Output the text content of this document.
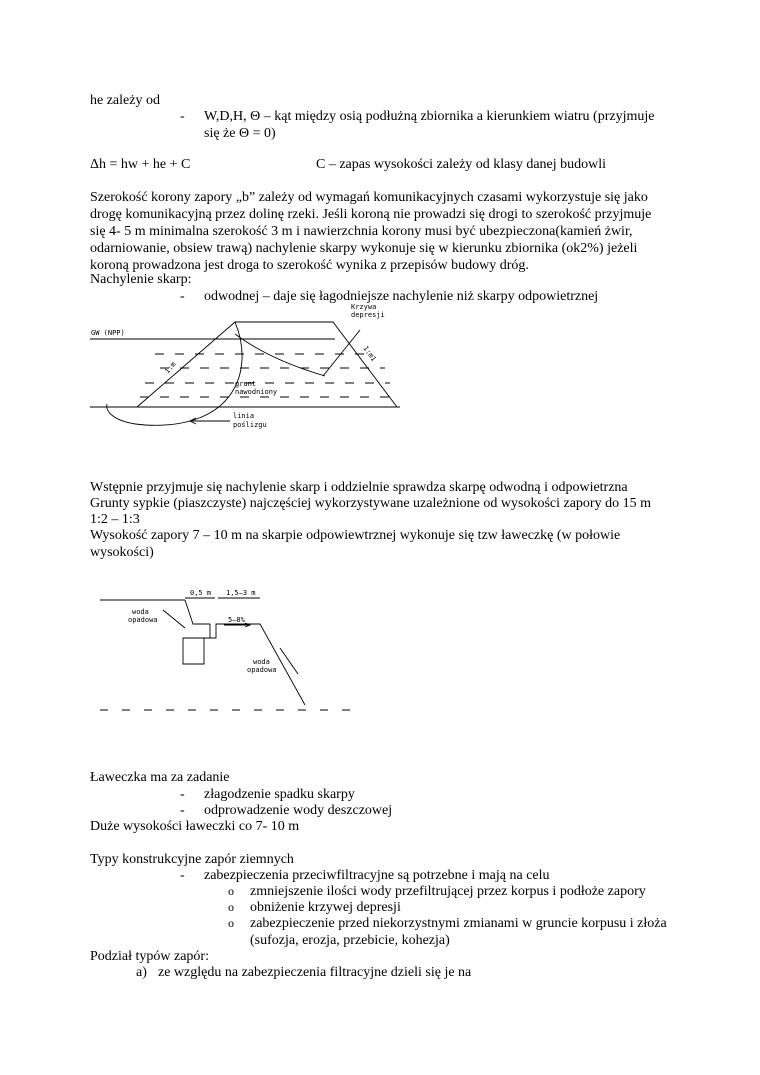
he zależy od
- W,D,H, Θ – kąt między osią podłużną zbiornika a kierunkiem wiatru (przyjmuje się że Θ = 0)
Δh = hw + he + C	C – zapas wysokości zależy od klasy danej budowli
Szerokość korony zapory „b” zależy od wymagań komunikacyjnych czasami wykorzystuje się jako drogę komunikacyjną przez dolinę rzeki. Jeśli koroną nie prowadzi się drogi to szerokość przyjmuje się 4- 5 m minimalna szerokość 3 m i nawierzchnia korony musi być ubezpieczona(kamień żwir, odarniowanie, obsiew trawą) nachylenie skarpy wykonuje się w kierunku zbiornika (ok2%) jeżeli koroną prowadzona jest droga to szerokość wynika z przepisów budowy dróg.
Nachylenie skarp:
- odwodnej – daje się łagodniejsze nachylenie niż skarpy odpowietrznej
GW (NPP)
Krzywa
depresji
1:m
1:m1
grunt
nawodniony
linia
poślizgu
Wstępnie przyjmuje się nachylenie skarp i oddzielnie sprawdza skarpę odwodną i odpowietrzna
Grunty sypkie (piaszczyste) najczęściej wykorzystywane uzależnione od wysokości zapory do 15 m
1:2 – 1:3
Wysokość zapory 7 – 10 m na skarpie odpowiewtrznej wykonuje się tzw ławeczkę (w połowie wysokości)
0,5 m 1,5–3 m
5–8%
woda
opadowa
woda
opadowa
Ławeczka ma za zadanie
- złagodzenie spadku skarpy
- odprowadzenie wody deszczowej
Duże wysokości ławeczki co 7- 10 m
Typy konstrukcyjne zapór ziemnych
- zabezpieczenia przeciwfiltracyjne są potrzebne i mają na celu
o zmniejszenie ilości wody przefiltrującej przez korpus i podłoże zapory
o obniżenie krzywej depresji
o zabezpieczenie przed niekorzystnymi zmianami w gruncie korpusu i złoża (sufozja, erozja, przebicie, kohezja)
Podział typów zapór:
a) ze względu na zabezpieczenia filtracyjne dzieli się je na
